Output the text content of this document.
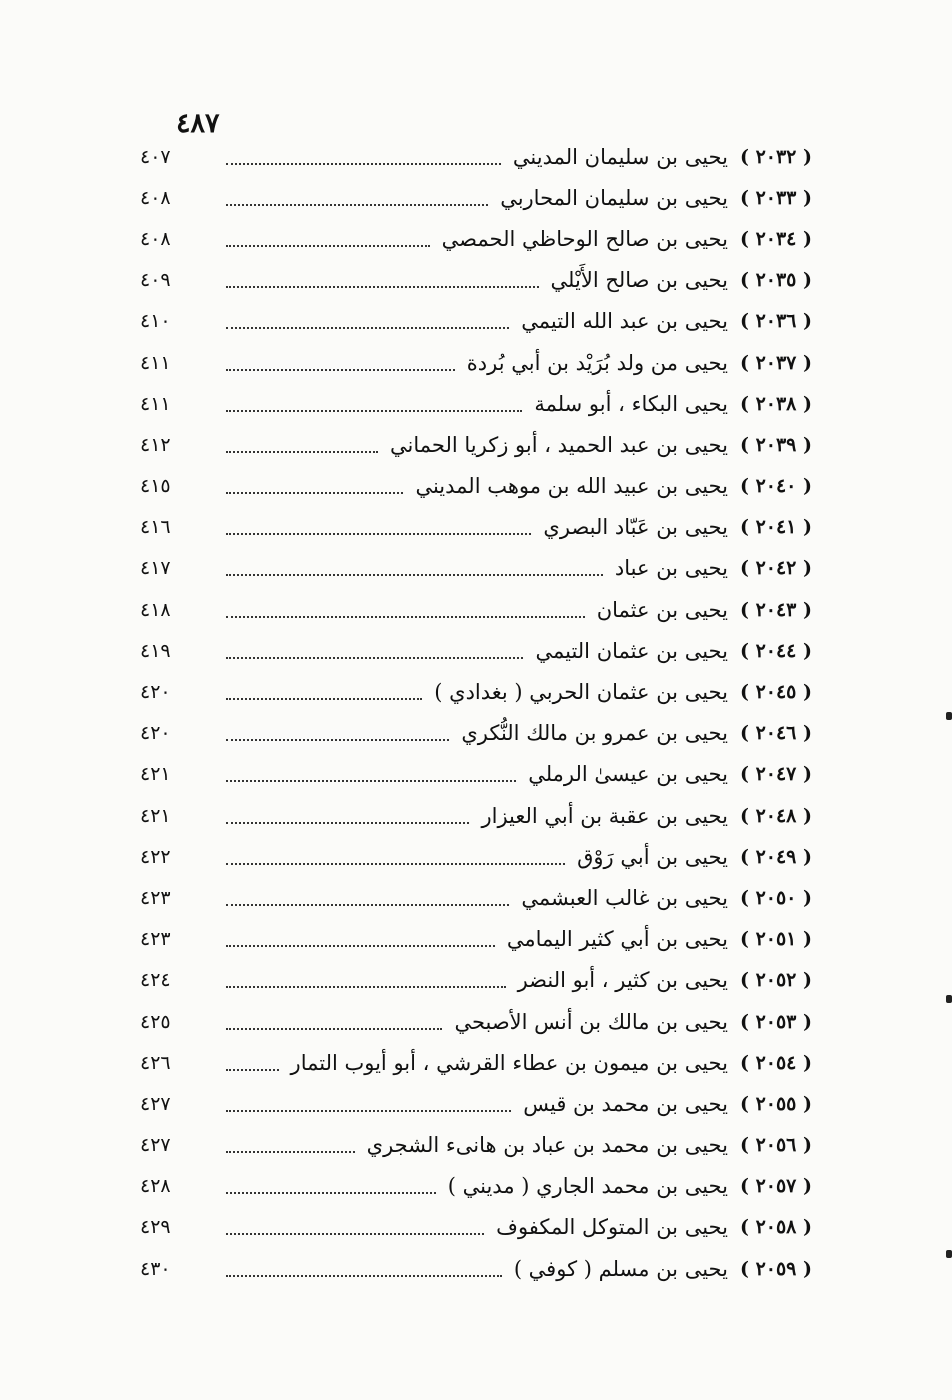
٤٨٧
( ٢٠٣٢ )
يحيى بن سليمان المديني
٤٠٧
( ٢٠٣٣ )
يحيى بن سليمان المحاربي
٤٠٨
( ٢٠٣٤ )
يحيى بن صالح الوحاظي الحمصي
٤٠٨
( ٢٠٣٥ )
يحيى بن صالح الأَيْلي
٤٠٩
( ٢٠٣٦ )
يحيى بن عبد الله التيمي
٤١٠
( ٢٠٣٧ )
يحيى من ولد بُرَيْد بن أبي بُردة
٤١١
( ٢٠٣٨ )
يحيى البكاء ، أبو سلمة
٤١١
( ٢٠٣٩ )
يحيى بن عبد الحميد ، أبو زكريا الحماني
٤١٢
( ٢٠٤٠ )
يحيى بن عبيد الله بن موهب المديني
٤١٥
( ٢٠٤١ )
يحيى بن عَبّاد البصري
٤١٦
( ٢٠٤٢ )
يحيى بن عباد
٤١٧
( ٢٠٤٣ )
يحيى بن عثمان
٤١٨
( ٢٠٤٤ )
يحيى بن عثمان التيمي
٤١٩
( ٢٠٤٥ )
يحيى بن عثمان الحربي ( بغدادي )
٤٢٠
( ٢٠٤٦ )
يحيى بن عمرو بن مالك النُّكري
٤٢٠
( ٢٠٤٧ )
يحيى بن عيسىٰ الرملي
٤٢١
( ٢٠٤٨ )
يحيى بن عقبة بن أبي العيزار
٤٢١
( ٢٠٤٩ )
يحيى بن أبي رَوْق
٤٢٢
( ٢٠٥٠ )
يحيى بن غالب العبشمي
٤٢٣
( ٢٠٥١ )
يحيى بن أبي كثير اليمامي
٤٢٣
( ٢٠٥٢ )
يحيى بن كثير ، أبو النضر
٤٢٤
( ٢٠٥٣ )
يحيى بن مالك بن أنس الأصبحي
٤٢٥
( ٢٠٥٤ )
يحيى بن ميمون بن عطاء القرشي ، أبو أيوب التمار
٤٢٦
( ٢٠٥٥ )
يحيى بن محمد بن قيس
٤٢٧
( ٢٠٥٦ )
يحيى بن محمد بن عباد بن هانىء الشجري
٤٢٧
( ٢٠٥٧ )
يحيى بن محمد الجاري ( مديني )
٤٢٨
( ٢٠٥٨ )
يحيى بن المتوكل المكفوف
٤٢٩
( ٢٠٥٩ )
يحيى بن مسلم ( كوفي )
٤٣٠
